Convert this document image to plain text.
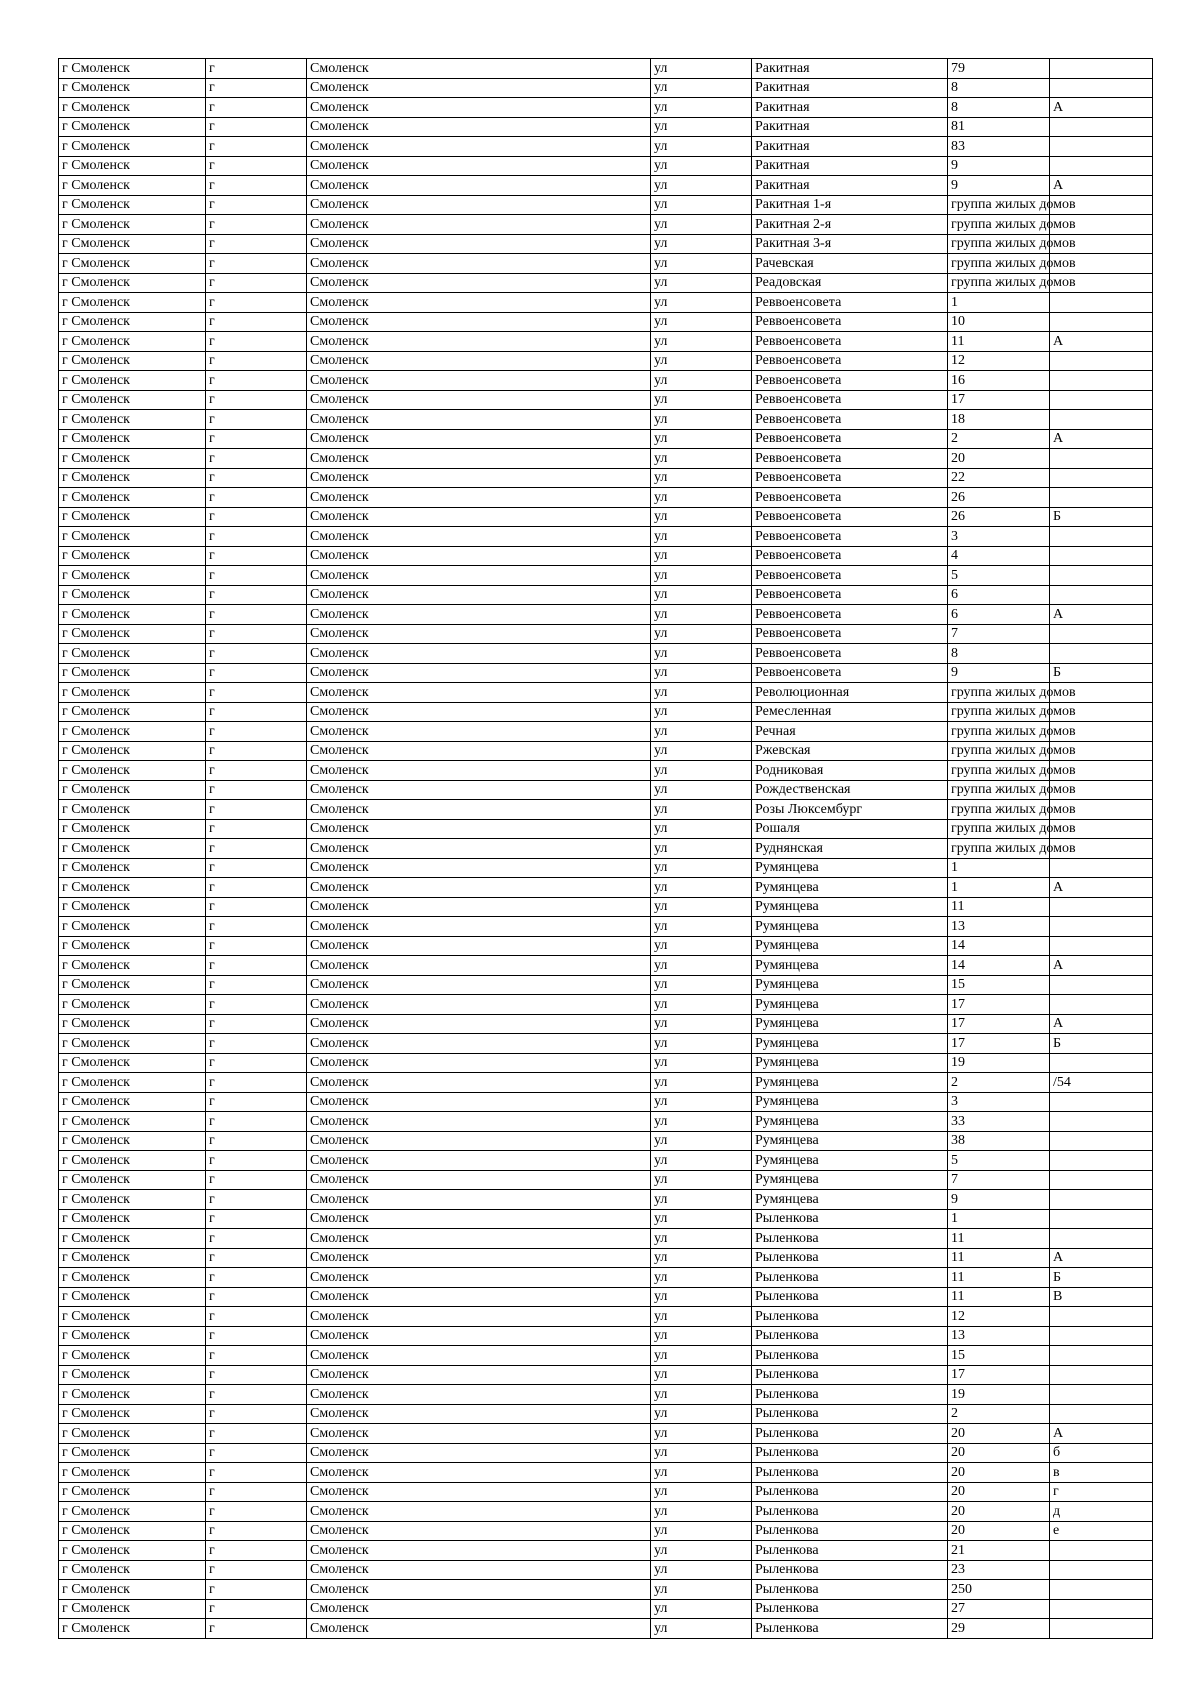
г Смоленск	г	Смоленск	ул	Ракитная	79	
г Смоленск	г	Смоленск	ул	Ракитная	8	
г Смоленск	г	Смоленск	ул	Ракитная	8	А
г Смоленск	г	Смоленск	ул	Ракитная	81	
г Смоленск	г	Смоленск	ул	Ракитная	83	
г Смоленск	г	Смоленск	ул	Ракитная	9	
г Смоленск	г	Смоленск	ул	Ракитная	9	А
г Смоленск	г	Смоленск	ул	Ракитная 1-я	группа жилых домов	
г Смоленск	г	Смоленск	ул	Ракитная 2-я	группа жилых домов	
г Смоленск	г	Смоленск	ул	Ракитная 3-я	группа жилых домов	
г Смоленск	г	Смоленск	ул	Рачевская	группа жилых домов	
г Смоленск	г	Смоленск	ул	Реадовская	группа жилых домов	
г Смоленск	г	Смоленск	ул	Реввоенсовета	1	
г Смоленск	г	Смоленск	ул	Реввоенсовета	10	
г Смоленск	г	Смоленск	ул	Реввоенсовета	11	А
г Смоленск	г	Смоленск	ул	Реввоенсовета	12	
г Смоленск	г	Смоленск	ул	Реввоенсовета	16	
г Смоленск	г	Смоленск	ул	Реввоенсовета	17	
г Смоленск	г	Смоленск	ул	Реввоенсовета	18	
г Смоленск	г	Смоленск	ул	Реввоенсовета	2	А
г Смоленск	г	Смоленск	ул	Реввоенсовета	20	
г Смоленск	г	Смоленск	ул	Реввоенсовета	22	
г Смоленск	г	Смоленск	ул	Реввоенсовета	26	
г Смоленск	г	Смоленск	ул	Реввоенсовета	26	Б
г Смоленск	г	Смоленск	ул	Реввоенсовета	3	
г Смоленск	г	Смоленск	ул	Реввоенсовета	4	
г Смоленск	г	Смоленск	ул	Реввоенсовета	5	
г Смоленск	г	Смоленск	ул	Реввоенсовета	6	
г Смоленск	г	Смоленск	ул	Реввоенсовета	6	А
г Смоленск	г	Смоленск	ул	Реввоенсовета	7	
г Смоленск	г	Смоленск	ул	Реввоенсовета	8	
г Смоленск	г	Смоленск	ул	Реввоенсовета	9	Б
г Смоленск	г	Смоленск	ул	Революционная	группа жилых домов	
г Смоленск	г	Смоленск	ул	Ремесленная	группа жилых домов	
г Смоленск	г	Смоленск	ул	Речная	группа жилых домов	
г Смоленск	г	Смоленск	ул	Ржевская	группа жилых домов	
г Смоленск	г	Смоленск	ул	Родниковая	группа жилых домов	
г Смоленск	г	Смоленск	ул	Рождественская	группа жилых домов	
г Смоленск	г	Смоленск	ул	Розы Люксембург	группа жилых домов	
г Смоленск	г	Смоленск	ул	Рошаля	группа жилых домов	
г Смоленск	г	Смоленск	ул	Руднянская	группа жилых домов	
г Смоленск	г	Смоленск	ул	Румянцева	1	
г Смоленск	г	Смоленск	ул	Румянцева	1	А
г Смоленск	г	Смоленск	ул	Румянцева	11	
г Смоленск	г	Смоленск	ул	Румянцева	13	
г Смоленск	г	Смоленск	ул	Румянцева	14	
г Смоленск	г	Смоленск	ул	Румянцева	14	А
г Смоленск	г	Смоленск	ул	Румянцева	15	
г Смоленск	г	Смоленск	ул	Румянцева	17	
г Смоленск	г	Смоленск	ул	Румянцева	17	А
г Смоленск	г	Смоленск	ул	Румянцева	17	Б
г Смоленск	г	Смоленск	ул	Румянцева	19	
г Смоленск	г	Смоленск	ул	Румянцева	2	/54
г Смоленск	г	Смоленск	ул	Румянцева	3	
г Смоленск	г	Смоленск	ул	Румянцева	33	
г Смоленск	г	Смоленск	ул	Румянцева	38	
г Смоленск	г	Смоленск	ул	Румянцева	5	
г Смоленск	г	Смоленск	ул	Румянцева	7	
г Смоленск	г	Смоленск	ул	Румянцева	9	
г Смоленск	г	Смоленск	ул	Рыленкова	1	
г Смоленск	г	Смоленск	ул	Рыленкова	11	
г Смоленск	г	Смоленск	ул	Рыленкова	11	А
г Смоленск	г	Смоленск	ул	Рыленкова	11	Б
г Смоленск	г	Смоленск	ул	Рыленкова	11	В
г Смоленск	г	Смоленск	ул	Рыленкова	12	
г Смоленск	г	Смоленск	ул	Рыленкова	13	
г Смоленск	г	Смоленск	ул	Рыленкова	15	
г Смоленск	г	Смоленск	ул	Рыленкова	17	
г Смоленск	г	Смоленск	ул	Рыленкова	19	
г Смоленск	г	Смоленск	ул	Рыленкова	2	
г Смоленск	г	Смоленск	ул	Рыленкова	20	А
г Смоленск	г	Смоленск	ул	Рыленкова	20	б
г Смоленск	г	Смоленск	ул	Рыленкова	20	в
г Смоленск	г	Смоленск	ул	Рыленкова	20	г
г Смоленск	г	Смоленск	ул	Рыленкова	20	д
г Смоленск	г	Смоленск	ул	Рыленкова	20	е
г Смоленск	г	Смоленск	ул	Рыленкова	21	
г Смоленск	г	Смоленск	ул	Рыленкова	23	
г Смоленск	г	Смоленск	ул	Рыленкова	250	
г Смоленск	г	Смоленск	ул	Рыленкова	27	
г Смоленск	г	Смоленск	ул	Рыленкова	29	
